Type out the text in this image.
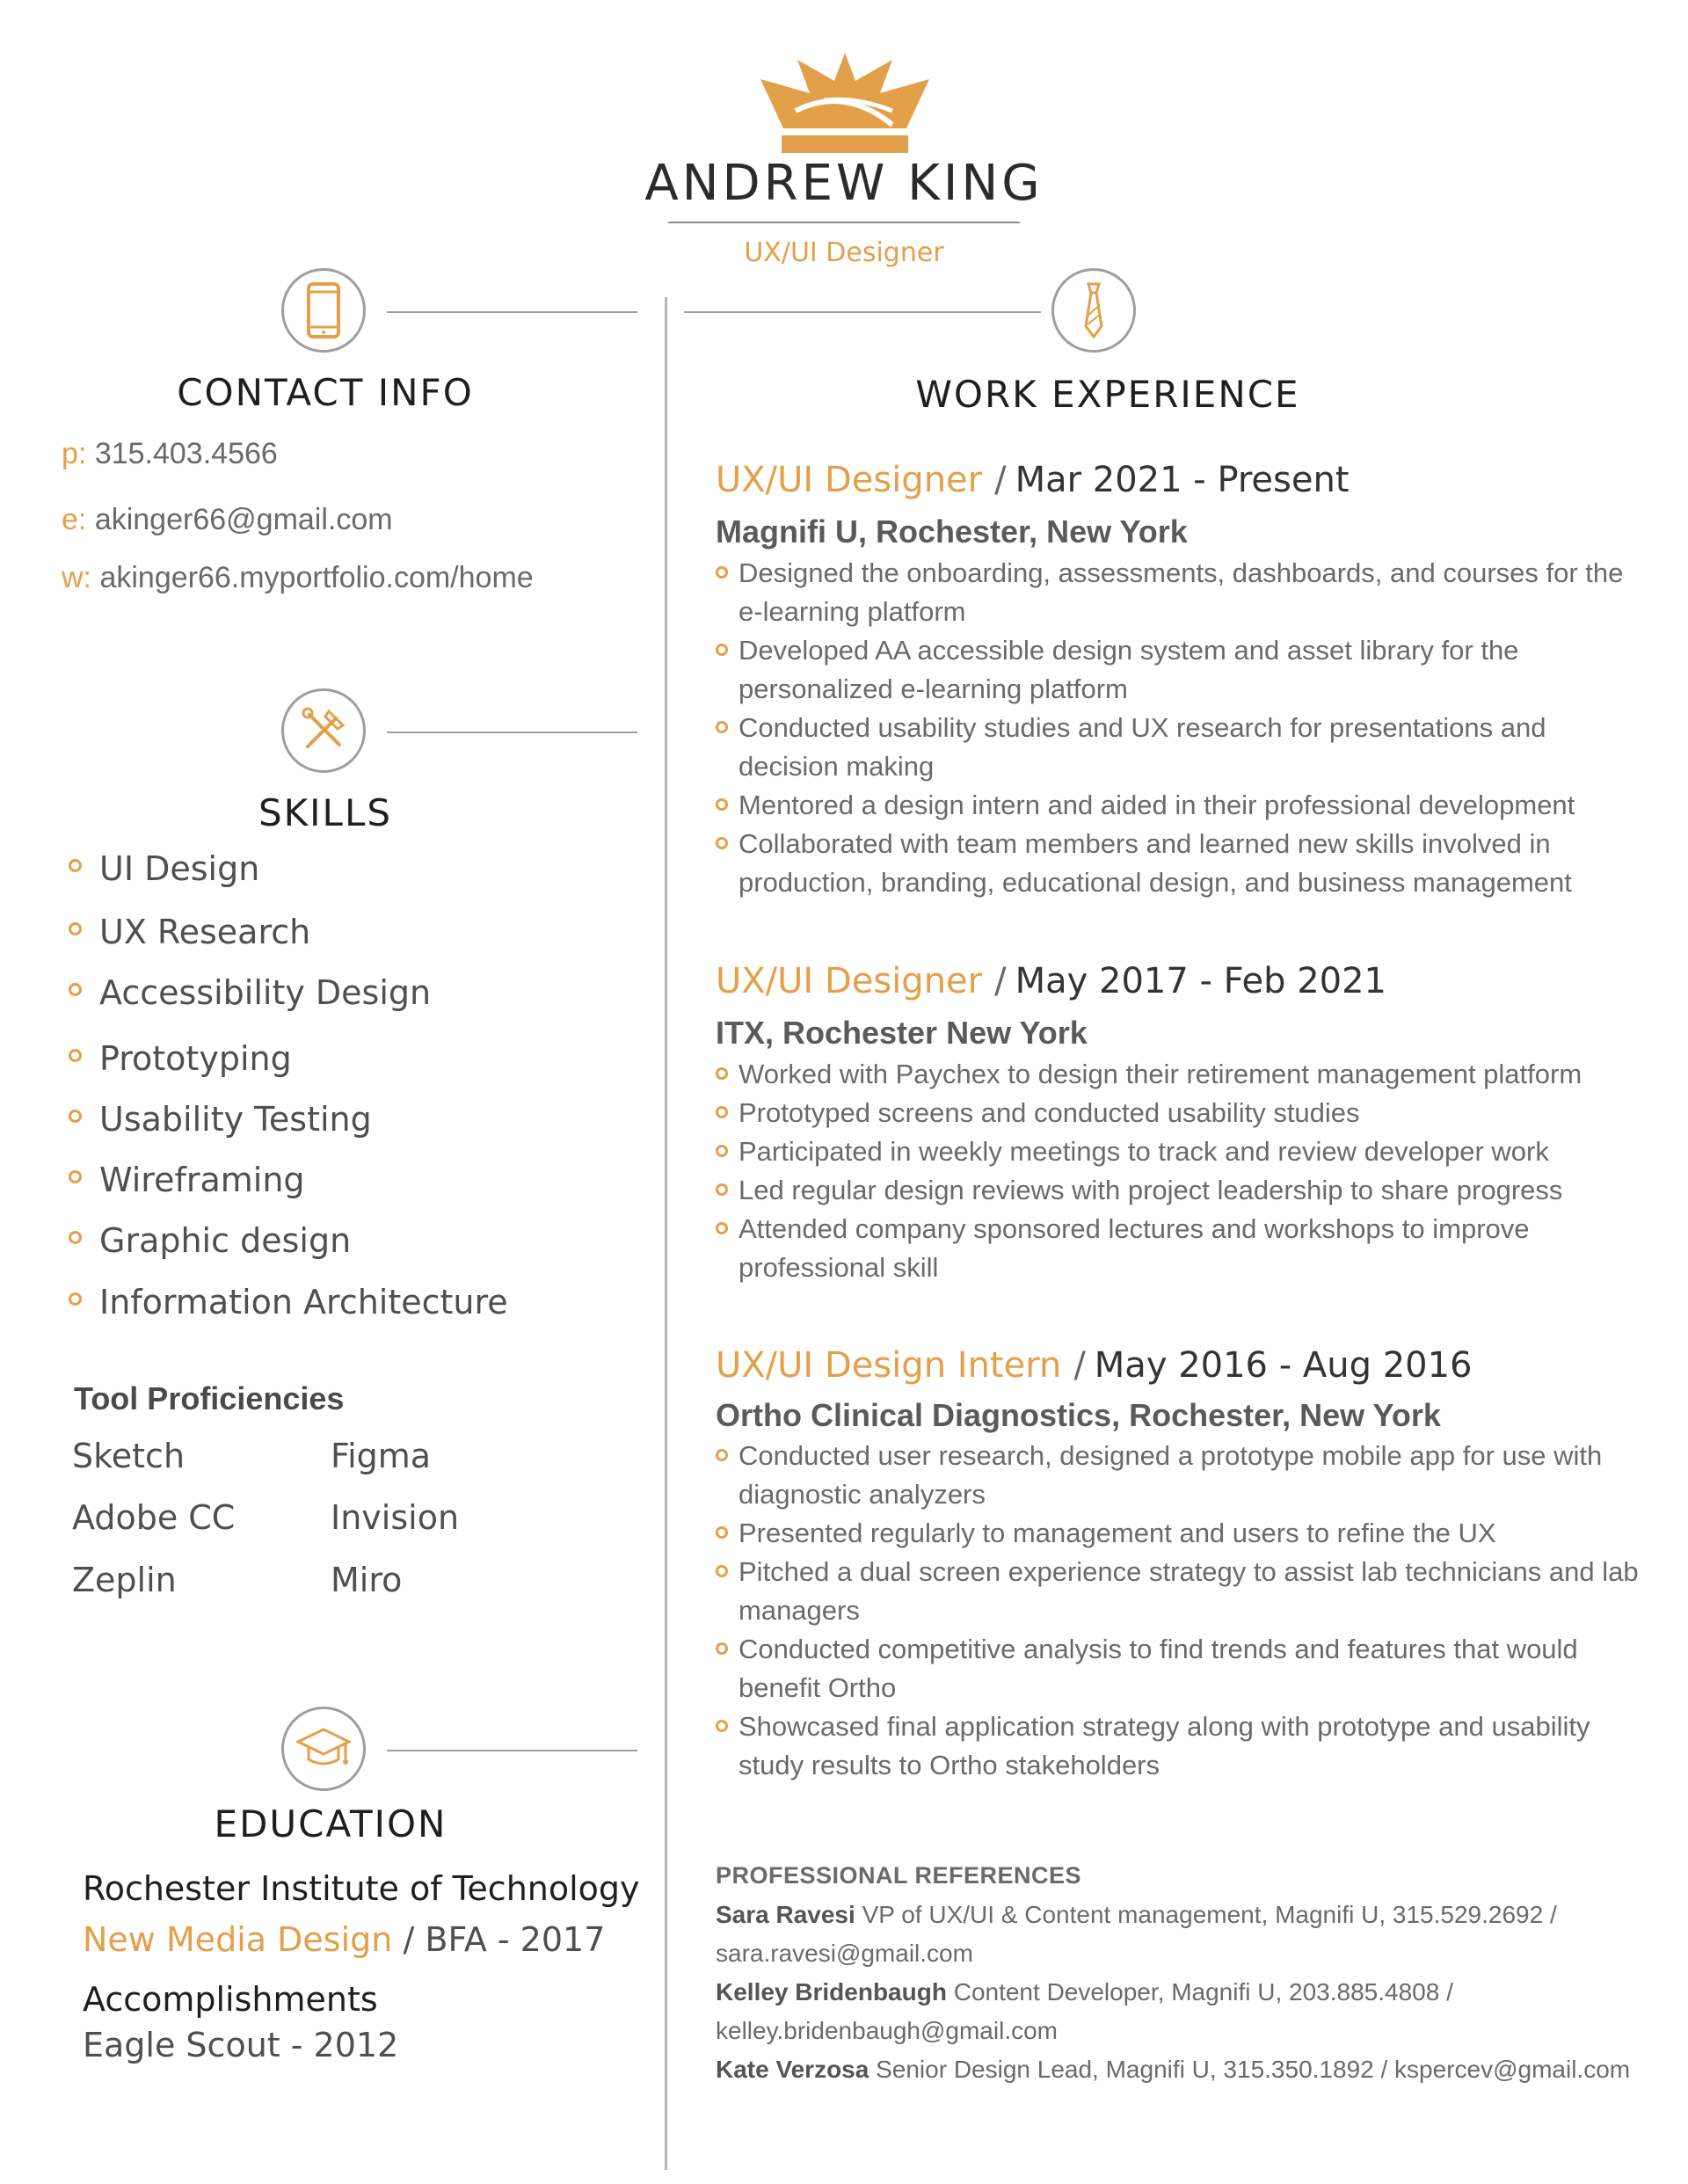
ANDREW KING
UX/UI Designer
CONTACT INFO
p: 315.403.4566
e: akinger66@gmail.com
w: akinger66.myportfolio.com/home
SKILLS
UI Design
UX Research
Accessibility Design
Prototyping
Usability Testing
Wireframing
Graphic design
Information Architecture
Tool Proficiencies
Sketch
Adobe CC
Zeplin
Figma
Invision
Miro
EDUCATION
Rochester Institute of Technology
New Media Design / BFA - 2017
Accomplishments
Eagle Scout - 2012
WORK EXPERIENCE
UX/UI Designer / Mar 2021 - Present
Magnifi U, Rochester, New York
Designed the onboarding, assessments, dashboards, and courses for the e-learning platform
Developed AA accessible design system and asset library for the personalized e-learning platform
Conducted usability studies and UX research for presentations and decision making
Mentored a design intern and aided in their professional development
Collaborated with team members and learned new skills involved in production, branding, educational design, and business management
UX/UI Designer / May 2017 - Feb 2021
ITX, Rochester New York
Worked with Paychex to design their retirement management platform
Prototyped screens and conducted usability studies
Participated in weekly meetings to track and review developer work
Led regular design reviews with project leadership to share progress
Attended company sponsored lectures and workshops to improve professional skill
UX/UI Design Intern / May 2016 - Aug 2016
Ortho Clinical Diagnostics, Rochester, New York
Conducted user research, designed a prototype mobile app for use with diagnostic analyzers
Presented regularly to management and users to refine the UX
Pitched a dual screen experience strategy to assist lab technicians and lab managers
Conducted competitive analysis to find trends and features that would benefit Ortho
Showcased final application strategy along with prototype and usability study results to Ortho stakeholders
PROFESSIONAL REFERENCES
Sara Ravesi VP of UX/UI & Content management, Magnifi U, 315.529.2692 / sara.ravesi@gmail.com
Kelley Bridenbaugh Content Developer, Magnifi U, 203.885.4808 / kelley.bridenbaugh@gmail.com
Kate Verzosa Senior Design Lead, Magnifi U, 315.350.1892 / kspercev@gmail.com
